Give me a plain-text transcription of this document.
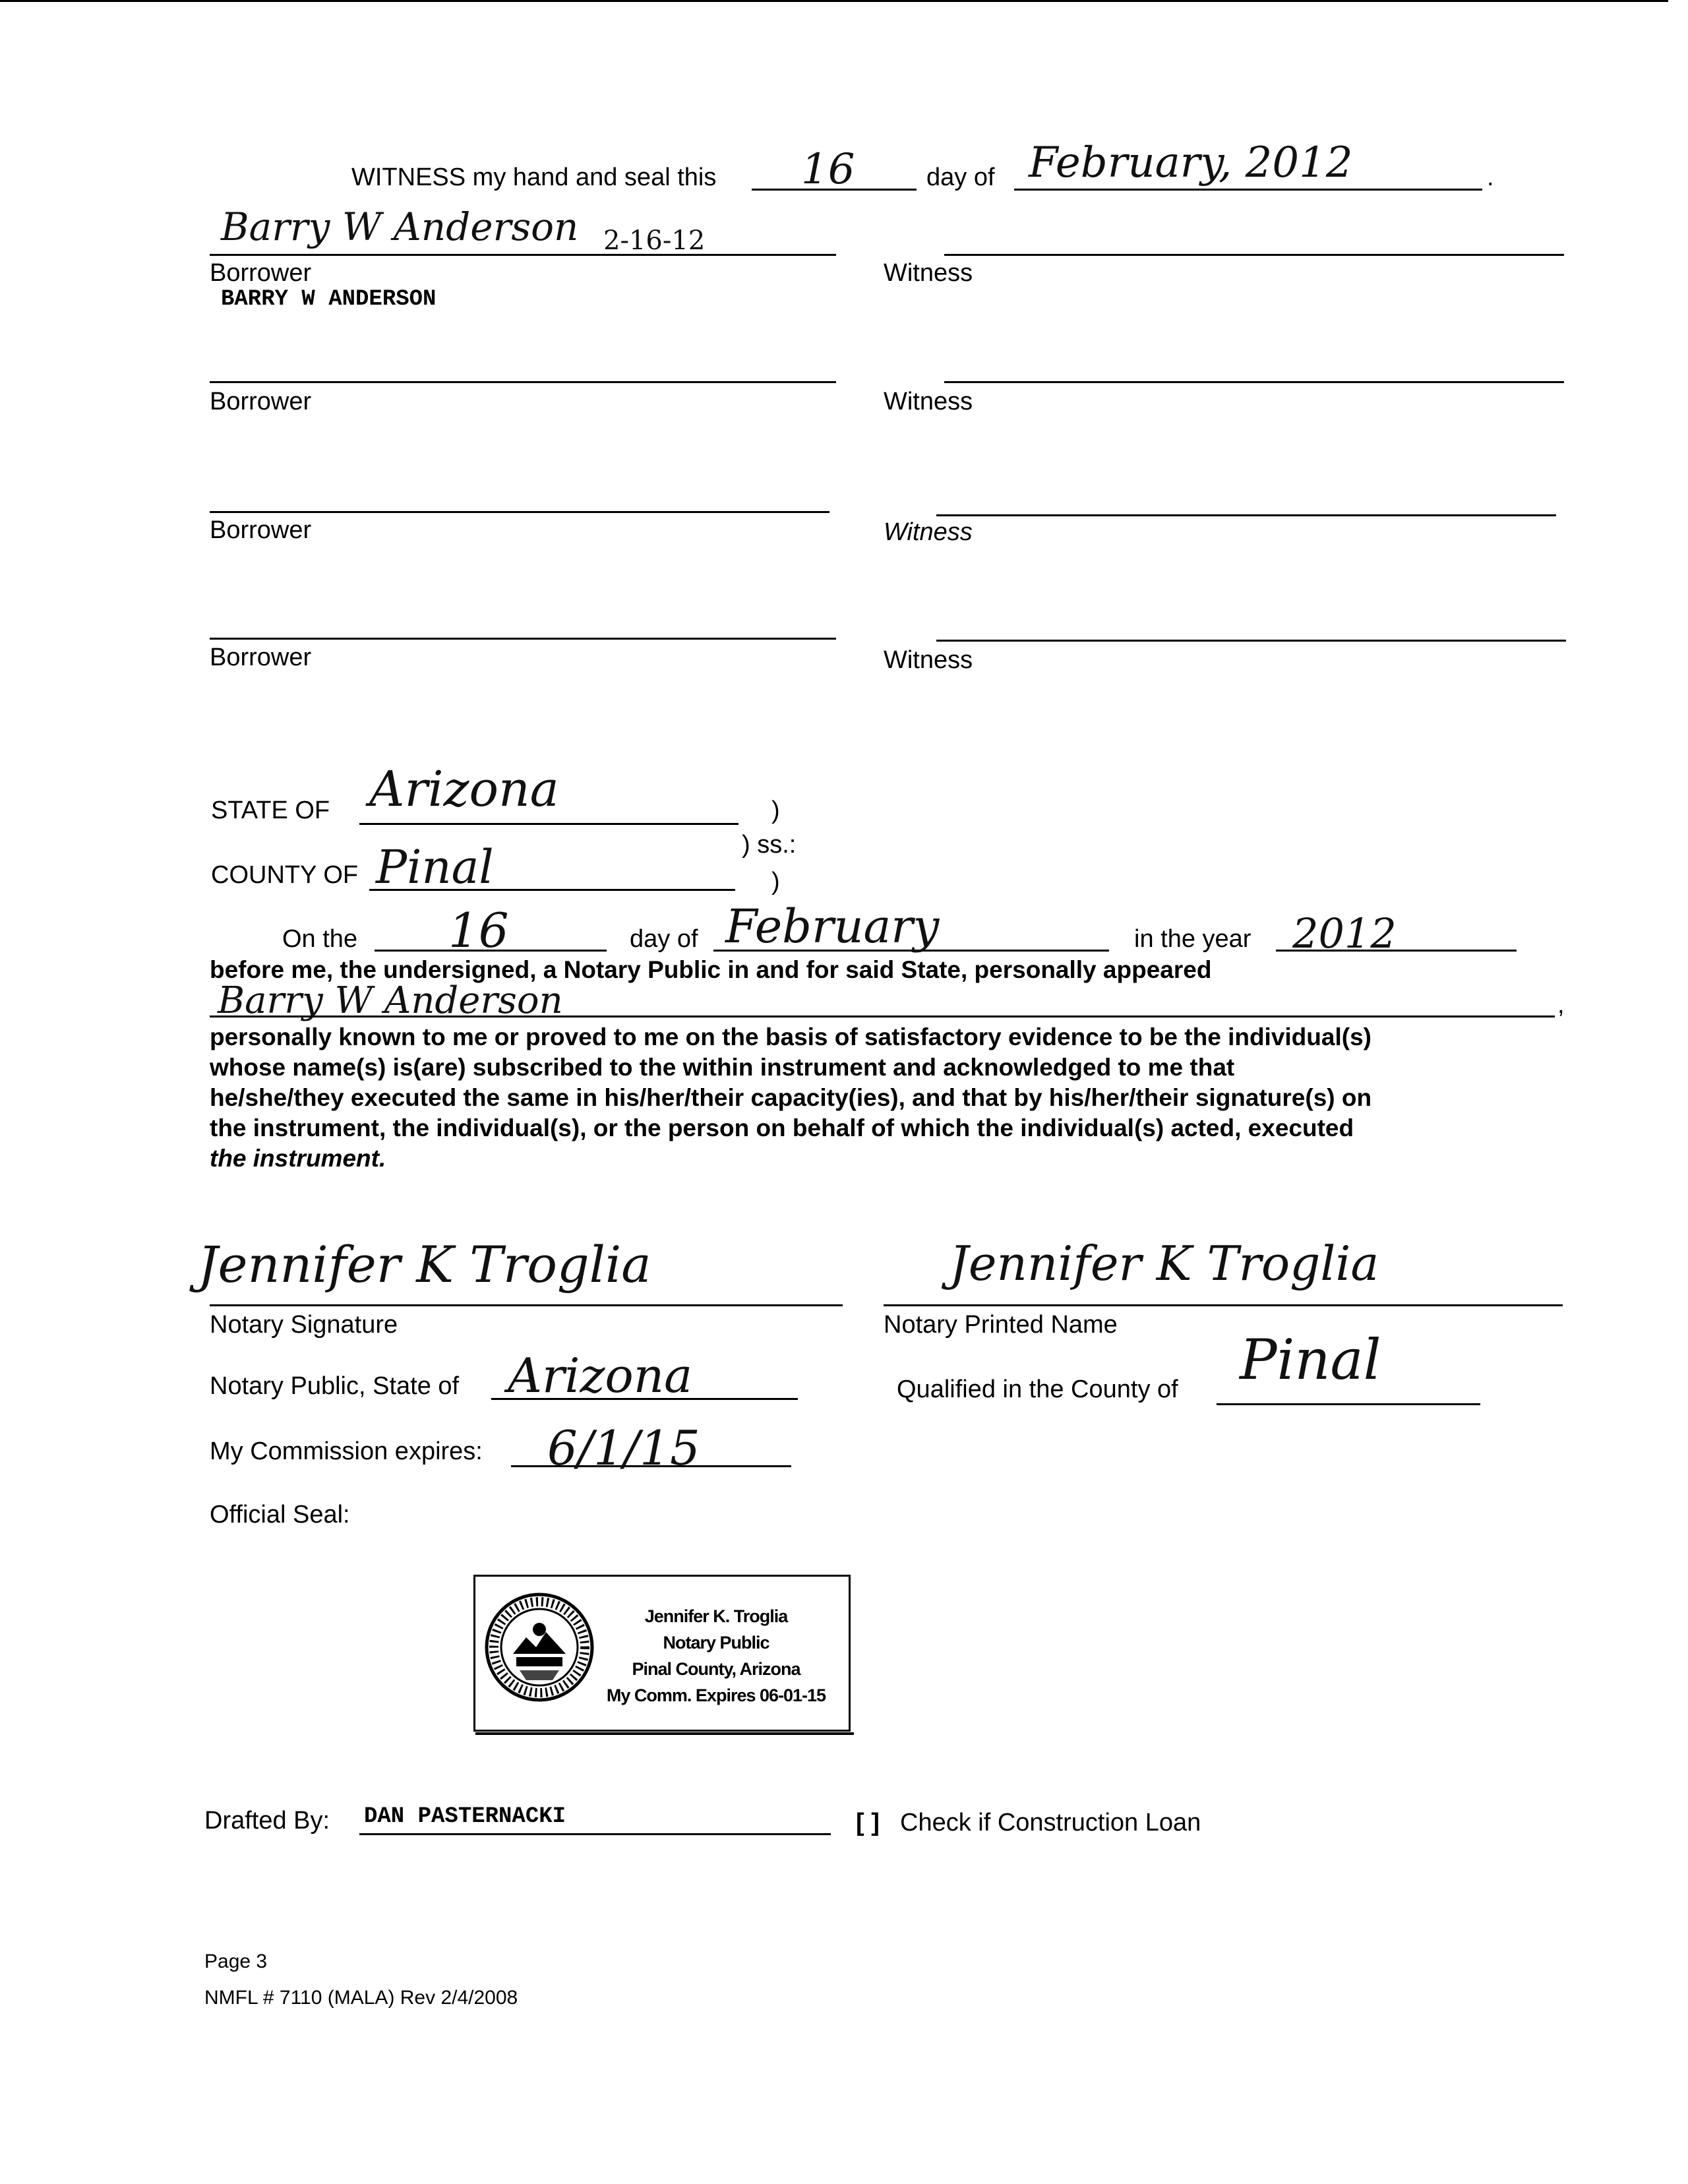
WITNESS my hand and seal this 16	day of February, 2012	.
Barry W Anderson 2-16-12
Borrower
BARRY W ANDERSON
Witness
Borrower	Witness
Borrower	Witness
Borrower	Witness
STATE OF Arizona	)
) ss.:
COUNTY OF Pinal	)
On the 16	day of February	in the year 2012
before me, the undersigned, a Notary Public in and for said State, personally appeared
Barry W Anderson	,
personally known to me or proved to me on the basis of satisfactory evidence to be the individual(s)
whose name(s) is(are) subscribed to the within instrument and acknowledged to me that
he/she/they executed the same in his/her/their capacity(ies), and that by his/her/their signature(s) on
the instrument, the individual(s), or the person on behalf of which the individual(s) acted, executed
the instrument.
Jennifer K Troglia
Notary Signature
Jennifer K Troglia
Notary Printed Name
Notary Public, State of Arizona	Qualified in the County of Pinal
My Commission expires: 6/1/15
Official Seal:
Jennifer K. Troglia
Notary Public
Pinal County, Arizona
My Comm. Expires 06-01-15
Drafted By: DAN PASTERNACKI	[ ] Check if Construction Loan
Page 3
NMFL # 7110 (MALA) Rev 2/4/2008
